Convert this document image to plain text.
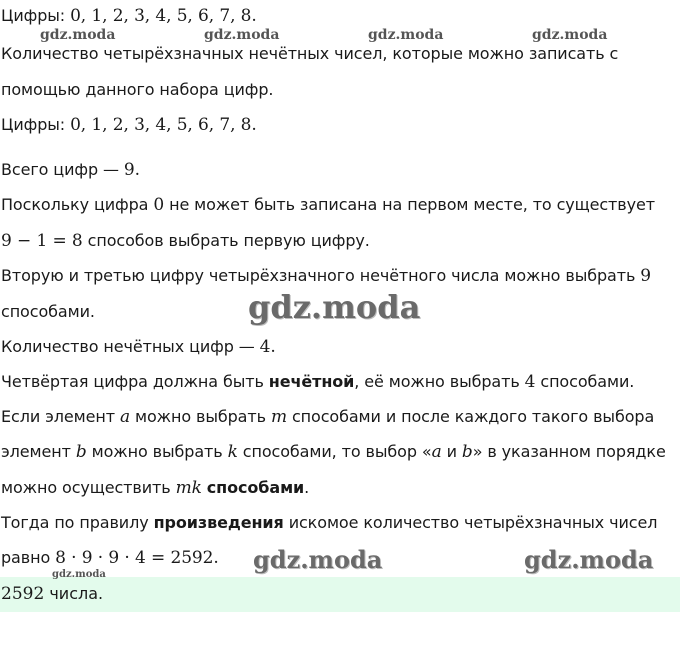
Цифры: 0, 1, 2, 3, 4, 5, 6, 7, 8.
gdz.moda	gdz.moda	gdz.moda	gdz.moda
Количество четырёхзначных нечётных чисел, которые можно записать с
помощью данного набора цифр.
Цифры: 0, 1, 2, 3, 4, 5, 6, 7, 8.
Всего цифр — 9.
Поскольку цифра 0 не может быть записана на первом месте, то существует
9 − 1 = 8 способов выбрать первую цифру.
Вторую и третью цифру четырёхзначного нечётного числа можно выбрать 9
способами.	gdz.moda
Количество нечётных цифр — 4.
Четвёртая цифра должна быть нечётной, её можно выбрать 4 способами.
Если элемент a можно выбрать m способами и после каждого такого выбора
элемент b можно выбрать k способами, то выбор «a и b» в указанном порядке
можно осуществить mk способами.
Тогда по правилу произведения искомое количество четырёхзначных чисел
равно 8 · 9 · 9 · 4 = 2592. gdz.moda	gdz.moda
2592 числа.
gdz.moda
